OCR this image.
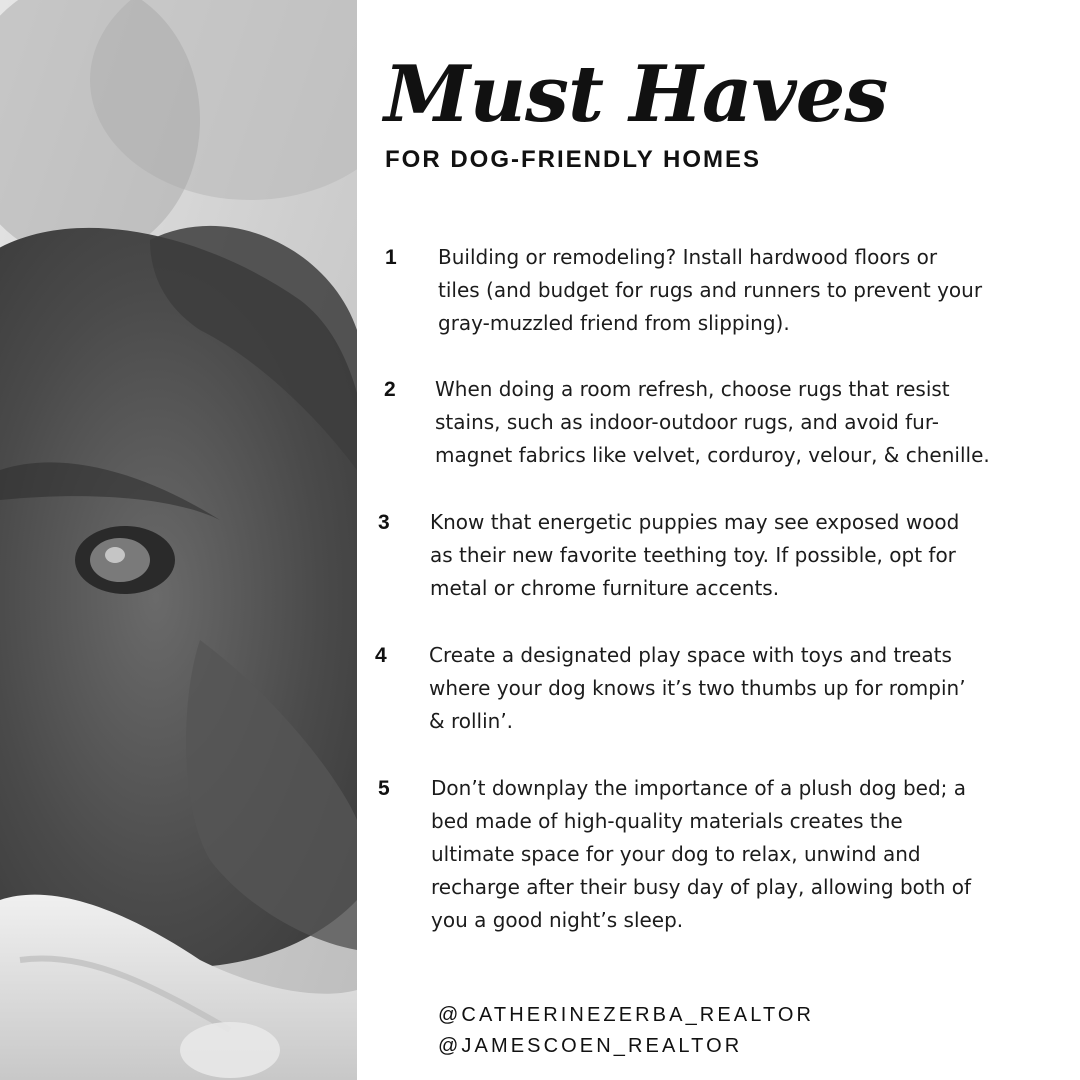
Must Haves
FOR DOG-FRIENDLY HOMES
1 Building or remodeling? Install hardwood floors or
tiles (and budget for rugs and runners to prevent your
gray-muzzled friend from slipping).
2 When doing a room refresh, choose rugs that resist
stains, such as indoor-outdoor rugs, and avoid fur-
magnet fabrics like velvet, corduroy, velour, & chenille.
3 Know that energetic puppies may see exposed wood
as their new favorite teething toy. If possible, opt for
metal or chrome furniture accents.
4 Create a designated play space with toys and treats
where your dog knows it’s two thumbs up for rompin’
& rollin’.
5 Don’t downplay the importance of a plush dog bed; a
bed made of high-quality materials creates the
ultimate space for your dog to relax, unwind and
recharge after their busy day of play, allowing both of
you a good night’s sleep.
@CATHERINEZERBA_REALTOR
@JAMESCOEN_REALTOR
